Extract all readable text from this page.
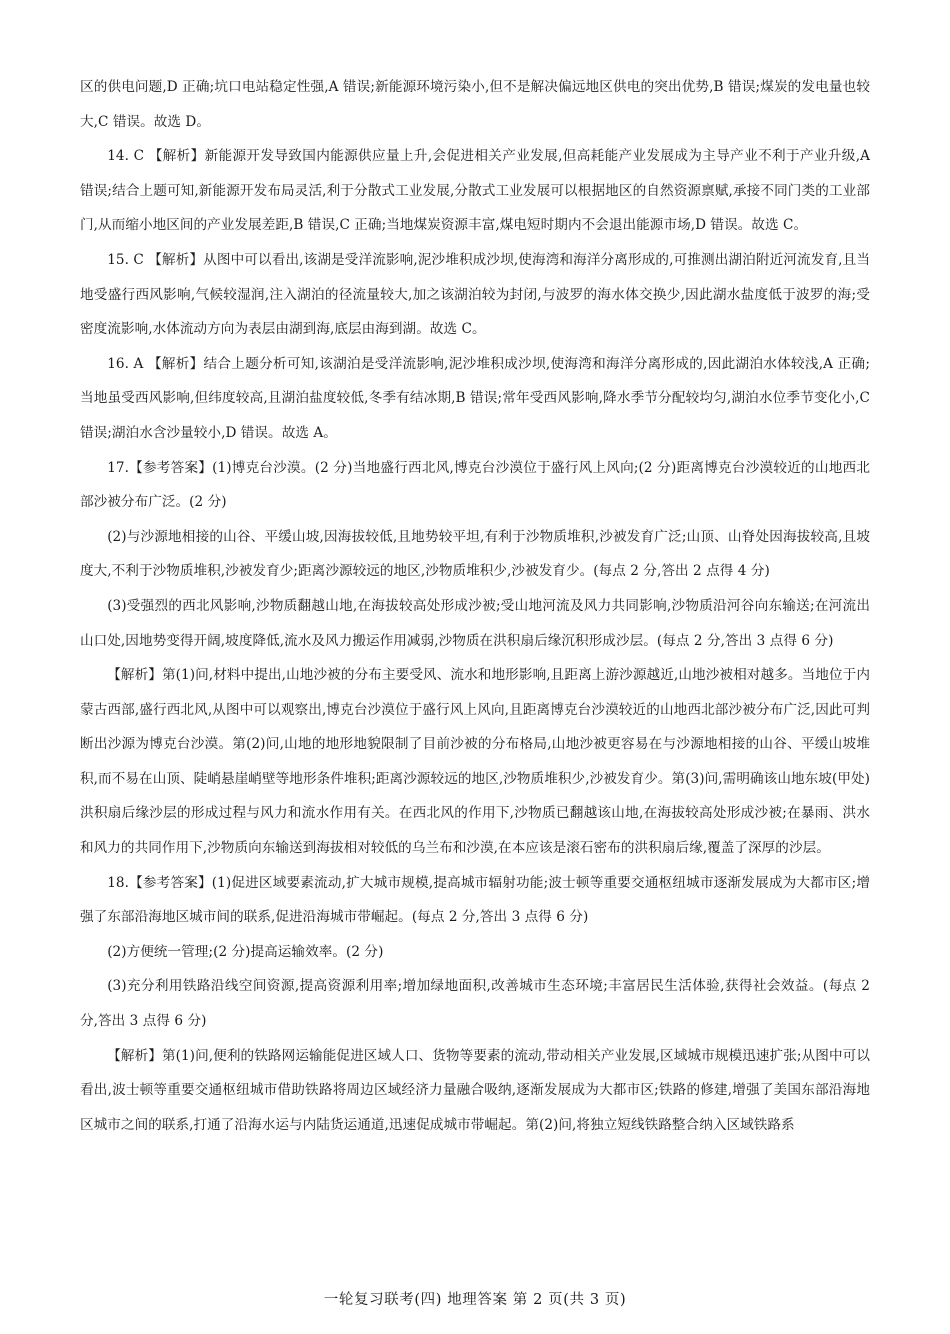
区的供电问题,D 正确;坑口电站稳定性强,A 错误;新能源环境污染小,但不是解决偏远地区供电的突出优势,B 错误;煤炭的发电量也较大,C 错误。故选 D。

14. C 【解析】新能源开发导致国内能源供应量上升,会促进相关产业发展,但高耗能产业发展成为主导产业不利于产业升级,A 错误;结合上题可知,新能源开发布局灵活,利于分散式工业发展,分散式工业发展可以根据地区的自然资源禀赋,承接不同门类的工业部门,从而缩小地区间的产业发展差距,B 错误,C 正确;当地煤炭资源丰富,煤电短时期内不会退出能源市场,D 错误。故选 C。

15. C 【解析】从图中可以看出,该湖是受洋流影响,泥沙堆积成沙坝,使海湾和海洋分离形成的,可推测出湖泊附近河流发育,且当地受盛行西风影响,气候较湿润,注入湖泊的径流量较大,加之该湖泊较为封闭,与波罗的海水体交换少,因此湖水盐度低于波罗的海;受密度流影响,水体流动方向为表层由湖到海,底层由海到湖。故选 C。

16. A 【解析】结合上题分析可知,该湖泊是受洋流影响,泥沙堆积成沙坝,使海湾和海洋分离形成的,因此湖泊水体较浅,A 正确;当地虽受西风影响,但纬度较高,且湖泊盐度较低,冬季有结冰期,B 错误;常年受西风影响,降水季节分配较均匀,湖泊水位季节变化小,C 错误;湖泊水含沙量较小,D 错误。故选 A。

17.【参考答案】(1)博克台沙漠。(2 分)当地盛行西北风,博克台沙漠位于盛行风上风向;(2 分)距离博克台沙漠较近的山地西北部沙被分布广泛。(2 分)

(2)与沙源地相接的山谷、平缓山坡,因海拔较低,且地势较平坦,有利于沙物质堆积,沙被发育广泛;山顶、山脊处因海拔较高,且坡度大,不利于沙物质堆积,沙被发育少;距离沙源较远的地区,沙物质堆积少,沙被发育少。(每点 2 分,答出 2 点得 4 分)

(3)受强烈的西北风影响,沙物质翻越山地,在海拔较高处形成沙被;受山地河流及风力共同影响,沙物质沿河谷向东输送;在河流出山口处,因地势变得开阔,坡度降低,流水及风力搬运作用减弱,沙物质在洪积扇后缘沉积形成沙层。(每点 2 分,答出 3 点得 6 分)

【解析】第(1)问,材料中提出,山地沙被的分布主要受风、流水和地形影响,且距离上游沙源越近,山地沙被相对越多。当地位于内蒙古西部,盛行西北风,从图中可以观察出,博克台沙漠位于盛行风上风向,且距离博克台沙漠较近的山地西北部沙被分布广泛,因此可判断出沙源为博克台沙漠。第(2)问,山地的地形地貌限制了目前沙被的分布格局,山地沙被更容易在与沙源地相接的山谷、平缓山坡堆积,而不易在山顶、陡峭悬崖峭壁等地形条件堆积;距离沙源较远的地区,沙物质堆积少,沙被发育少。第(3)问,需明确该山地东坡(甲处)洪积扇后缘沙层的形成过程与风力和流水作用有关。在西北风的作用下,沙物质已翻越该山地,在海拔较高处形成沙被;在暴雨、洪水和风力的共同作用下,沙物质向东输送到海拔相对较低的乌兰布和沙漠,在本应该是滚石密布的洪积扇后缘,覆盖了深厚的沙层。

18.【参考答案】(1)促进区域要素流动,扩大城市规模,提高城市辐射功能;波士顿等重要交通枢纽城市逐渐发展成为大都市区;增强了东部沿海地区城市间的联系,促进沿海城市带崛起。(每点 2 分,答出 3 点得 6 分)

(2)方便统一管理;(2 分)提高运输效率。(2 分)

(3)充分利用铁路沿线空间资源,提高资源利用率;增加绿地面积,改善城市生态环境;丰富居民生活体验,获得社会效益。(每点 2 分,答出 3 点得 6 分)

【解析】第(1)问,便利的铁路网运输能促进区域人口、货物等要素的流动,带动相关产业发展,区域城市规模迅速扩张;从图中可以看出,波士顿等重要交通枢纽城市借助铁路将周边区域经济力量融合吸纳,逐渐发展成为大都市区;铁路的修建,增强了美国东部沿海地区城市之间的联系,打通了沿海水运与内陆货运通道,迅速促成城市带崛起。第(2)问,将独立短线铁路整合纳入区域铁路系

一轮复习联考(四) 地理答案 第 2 页(共 3 页)
